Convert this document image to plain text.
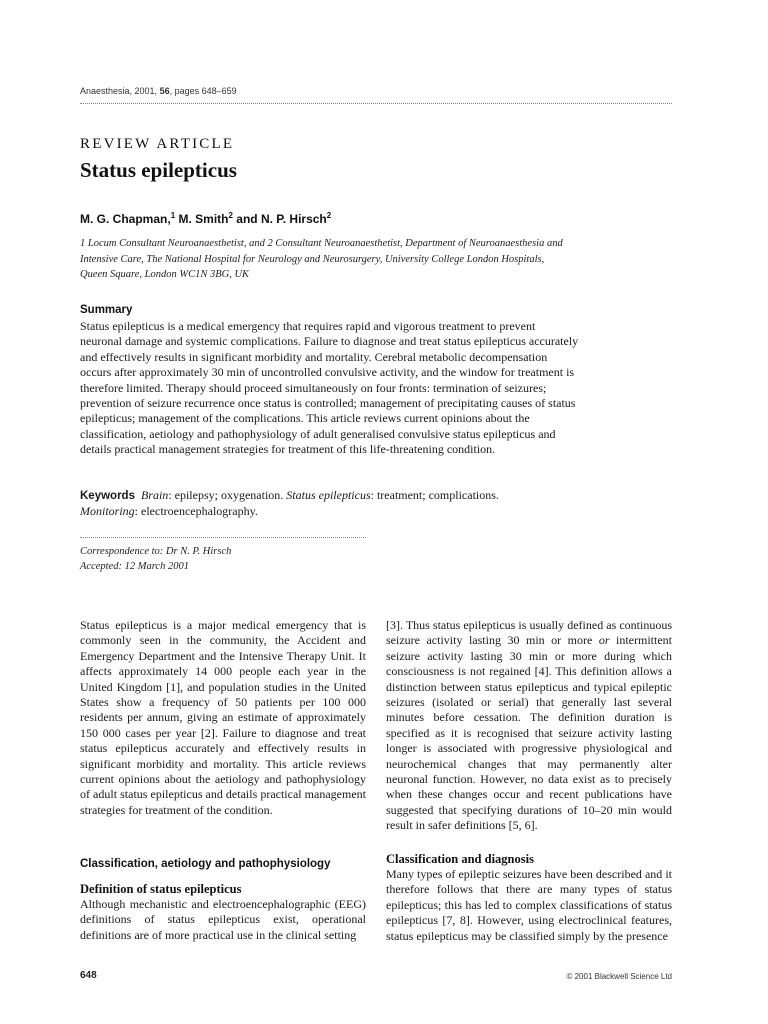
Anaesthesia, 2001, 56, pages 648–659
REVIEW ARTICLE
Status epilepticus
M. G. Chapman,$^1$ M. Smith$^2$ and N. P. Hirsch$^2$
1 Locum Consultant Neuroanaesthetist, and 2 Consultant Neuroanaesthetist, Department of Neuroanaesthesia and
Intensive Care, The National Hospital for Neurology and Neurosurgery, University College London Hospitals,
Queen Square, London WC1N 3BG, UK
Summary
Status epilepticus is a medical emergency that requires rapid and vigorous treatment to prevent neuronal damage and systemic complications. Failure to diagnose and treat status epilepticus accurately and effectively results in significant morbidity and mortality. Cerebral metabolic decompensation occurs after approximately 30 min of uncontrolled convulsive activity, and the window for treatment is therefore limited. Therapy should proceed simultaneously on four fronts: termination of seizures; prevention of seizure recurrence once status is controlled; management of precipitating causes of status epilepticus; management of the complications. This article reviews current opinions about the classification, aetiology and pathophysiology of adult generalised convulsive status epilepticus and details practical management strategies for treatment of this life-threatening condition.
Keywords Brain: epilepsy; oxygenation. Status epilepticus: treatment; complications.
Monitoring: electroencephalography.
Correspondence to: Dr N. P. Hirsch
Accepted: 12 March 2001
Status epilepticus is a major medical emergency that is commonly seen in the community, the Accident and Emergency Department and the Intensive Therapy Unit. It affects approximately 14 000 people each year in the United Kingdom [1], and population studies in the United States show a frequency of 50 patients per 100 000 residents per annum, giving an estimate of approximately 150 000 cases per year [2]. Failure to diagnose and treat status epilepticus accurately and effectively results in significant morbidity and mortality. This article reviews current opinions about the aetiology and pathophysiology of adult status epilepticus and details practical management strategies for treatment of the condition.
Classification, aetiology and pathophysiology
Definition of status epilepticus
Although mechanistic and electroencephalographic (EEG) definitions of status epilepticus exist, operational definitions are of more practical use in the clinical setting
[3]. Thus status epilepticus is usually defined as continuous seizure activity lasting 30 min or more or intermittent seizure activity lasting 30 min or more during which consciousness is not regained [4]. This definition allows a distinction between status epilepticus and typical epileptic seizures (isolated or serial) that generally last several minutes before cessation. The definition duration is specified as it is recognised that seizure activity lasting longer is associated with progressive physiological and neurochemical changes that may permanently alter neuronal function. However, no data exist as to precisely when these changes occur and recent publications have suggested that specifying durations of 10–20 min would result in safer definitions [5, 6].
Classification and diagnosis
Many types of epileptic seizures have been described and it therefore follows that there are many types of status epilepticus; this has led to complex classifications of status epilepticus [7, 8]. However, using electroclinical features, status epilepticus may be classified simply by the presence
648	© 2001 Blackwell Science Ltd
